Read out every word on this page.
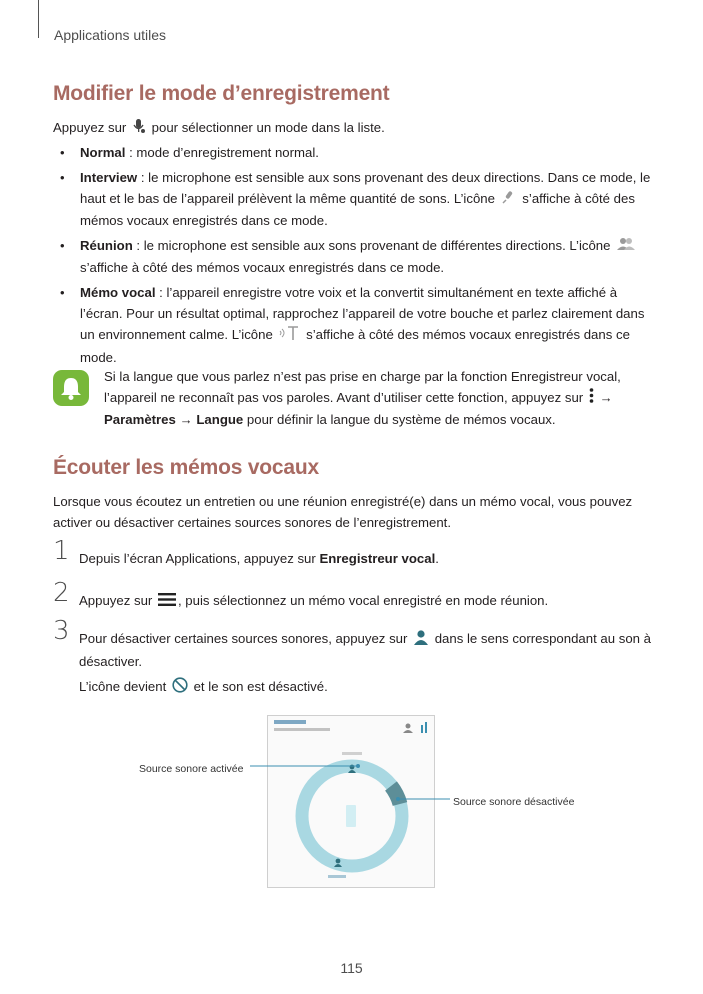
Applications utiles
Modifier le mode d’enregistrement
Appuyez sur pour sélectionner un mode dans la liste.
• Normal : mode d’enregistrement normal.
• Interview : le microphone est sensible aux sons provenant des deux directions. Dans ce mode, le haut et le bas de l’appareil prélèvent la même quantité de sons. L’icône  s’affiche à côté des mémos vocaux enregistrés dans ce mode.
• Réunion : le microphone est sensible aux sons provenant de différentes directions. L’icône  s’affiche à côté des mémos vocaux enregistrés dans ce mode.
• Mémo vocal : l’appareil enregistre votre voix et la convertit simultanément en texte affiché à l’écran. Pour un résultat optimal, rapprochez l’appareil de votre bouche et parlez clairement dans un environnement calme. L’icône  s’affiche à côté des mémos vocaux enregistrés dans ce mode.
Si la langue que vous parlez n’est pas prise en charge par la fonction Enregistreur vocal, l’appareil ne reconnaît pas vos paroles. Avant d’utiliser cette fonction, appuyez sur  → Paramètres → Langue pour définir la langue du système de mémos vocaux.
Écouter les mémos vocaux
Lorsque vous écoutez un entretien ou une réunion enregistré(e) dans un mémo vocal, vous pouvez activer ou désactiver certaines sources sonores de l’enregistrement.
1 Depuis l’écran Applications, appuyez sur Enregistreur vocal.
2 Appuyez sur , puis sélectionnez un mémo vocal enregistré en mode réunion.
3 Pour désactiver certaines sources sonores, appuyez sur  dans le sens correspondant au son à désactiver.
L’icône devient  et le son est désactivé.
Source sonore activée
Source sonore désactivée
115
